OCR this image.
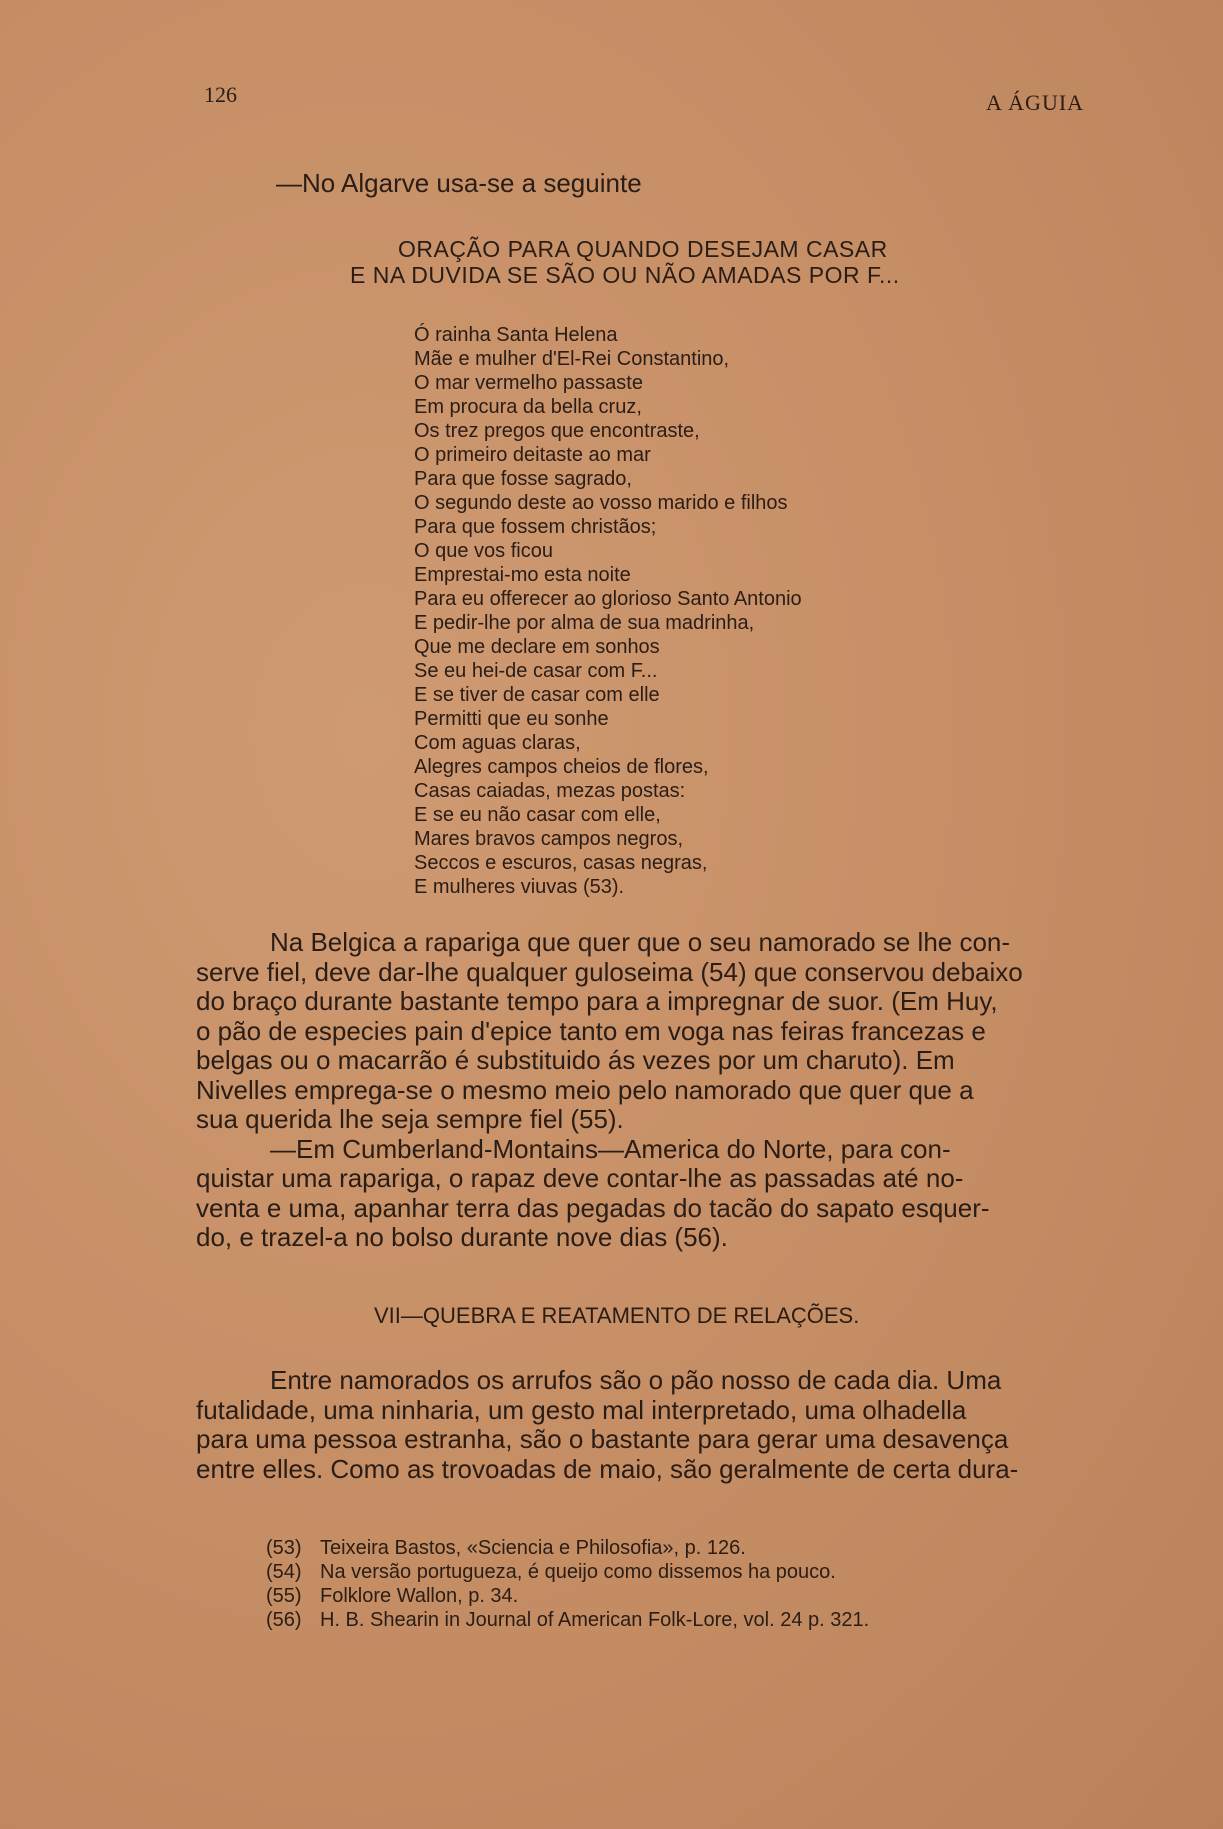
126	A ÁGUIA
—No Algarve usa-se a seguinte
ORAÇÃO PARA QUANDO DESEJAM CASAR
E NA DUVIDA SE SÃO OU NÃO AMADAS POR F...
Ó rainha Santa Helena
Mãe e mulher d'El-Rei Constantino,
O mar vermelho passaste
Em procura da bella cruz,
Os trez pregos que encontraste,
O primeiro deitaste ao mar
Para que fosse sagrado,
O segundo deste ao vosso marido e filhos
Para que fossem christãos;
O que vos ficou
Emprestai-mo esta noite
Para eu offerecer ao glorioso Santo Antonio
E pedir-lhe por alma de sua madrinha,
Que me declare em sonhos
Se eu hei-de casar com F...
E se tiver de casar com elle
Permitti que eu sonhe
Com aguas claras,
Alegres campos cheios de flores,
Casas caiadas, mezas postas:
E se eu não casar com elle,
Mares bravos campos negros,
Seccos e escuros, casas negras,
E mulheres viuvas (53).

Na Belgica a rapariga que quer que o seu namorado se lhe con-

serve fiel, deve dar-lhe qualquer guloseima (54) que conservou debaixo

do braço durante bastante tempo para a impregnar de suor. (Em Huy,

o pão de especies pain d'epice tanto em voga nas feiras francezas e

belgas ou o macarrão é substituido ás vezes por um charuto). Em

Nivelles emprega-se o mesmo meio pelo namorado que quer que a

sua querida lhe seja sempre fiel (55).

—Em Cumberland-Montains—America do Norte, para con-

quistar uma rapariga, o rapaz deve contar-lhe as passadas até no-

venta e uma, apanhar terra das pegadas do tacão do sapato esquer-

do, e trazel-a no bolso durante nove dias (56).

VII—QUEBRA E REATAMENTO DE RELAÇÕES.

Entre namorados os arrufos são o pão nosso de cada dia. Uma

futalidade, uma ninharia, um gesto mal interpretado, uma olhadella

para uma pessoa estranha, são o bastante para gerar uma desavença

entre elles. Como as trovoadas de maio, são geralmente de certa dura-

(53) Teixeira Bastos, «Sciencia e Philosofia», p. 126.
(54) Na versão portugueza, é queijo como dissemos ha pouco.
(55) Folklore Wallon, p. 34.
(56) H. B. Shearin in Journal of American Folk-Lore, vol. 24 p. 321.
